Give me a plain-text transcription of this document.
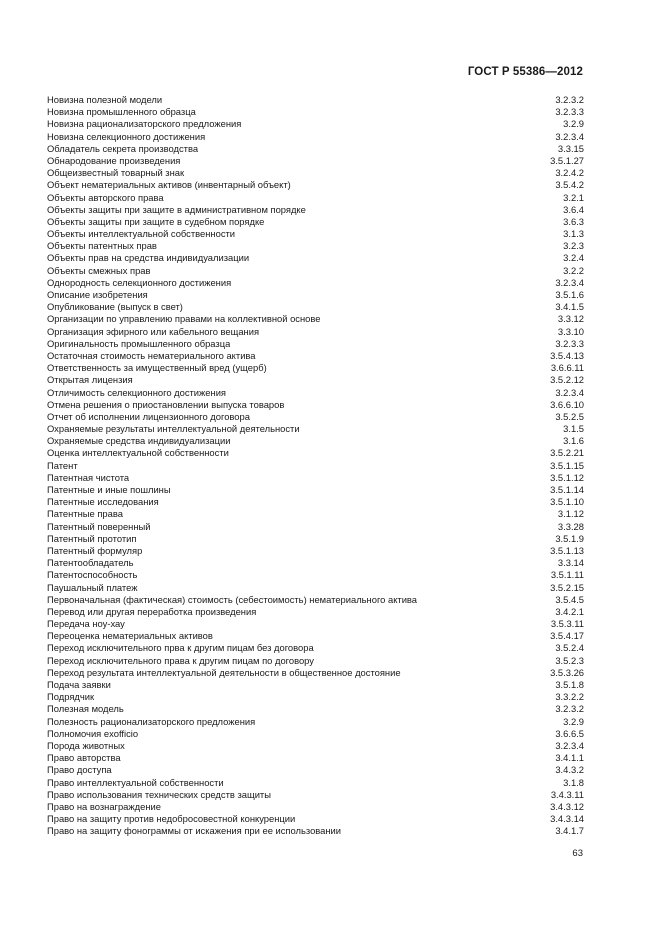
ГОСТ Р 55386—2012
Новизна полезной модели	3.2.3.2
Новизна промышленного образца	3.2.3.3
Новизна рационализаторского предложения	3.2.9
Новизна селекционного достижения	3.2.3.4
Обладатель секрета производства	3.3.15
Обнародование произведения	3.5.1.27
Общеизвестный товарный знак	3.2.4.2
Объект нематериальных активов (инвентарный объект)	3.5.4.2
Объекты авторского права	3.2.1
Объекты защиты при защите в административном порядке	3.6.4
Объекты защиты при защите в судебном порядке	3.6.3
Объекты интеллектуальной собственности	3.1.3
Объекты патентных прав	3.2.3
Объекты прав на средства индивидуализации	3.2.4
Объекты смежных прав	3.2.2
Однородность селекционного достижения	3.2.3.4
Описание изобретения	3.5.1.6
Опубликование (выпуск в свет)	3.4.1.5
Организации по управлению правами на коллективной основе	3.3.12
Организация эфирного или кабельного вещания	3.3.10
Оригинальность промышленного образца	3.2.3.3
Остаточная стоимость нематериального актива	3.5.4.13
Ответственность за имущественный вред (ущерб)	3.6.6.11
Открытая лицензия	3.5.2.12
Отличимость селекционного достижения	3.2.3.4
Отмена решения о приостановлении выпуска товаров	3.6.6.10
Отчет об исполнении лицензионного договора	3.5.2.5
Охраняемые результаты интеллектуальной деятельности	3.1.5
Охраняемые средства индивидуализации	3.1.6
Оценка интеллектуальной собственности	3.5.2.21
Патент	3.5.1.15
Патентная чистота	3.5.1.12
Патентные и иные пошлины	3.5.1.14
Патентные исследования	3.5.1.10
Патентные права	3.1.12
Патентный поверенный	3.3.28
Патентный прототип	3.5.1.9
Патентный формуляр	3.5.1.13
Патентообладатель	3.3.14
Патентоспособность	3.5.1.11
Паушальный платеж	3.5.2.15
Первоначальная (фактическая) стоимость (себестоимость) нематериального актива	3.5.4.5
Перевод или другая переработка произведения	3.4.2.1
Передача ноу-хау	3.5.3.11
Переоценка нематериальных активов	3.5.4.17
Переход исключительного прва к другим пицам без договора	3.5.2.4
Переход исключительного права к другим пицам по договору	3.5.2.3
Переход результата интеллектуальной деятельности в общественное достояние	3.5.3.26
Подача заявки	3.5.1.8
Подрядчик	3.3.2.2
Полезная модель	3.2.3.2
Полезность рационализаторского предложения	3.2.9
Полномочия exofficio	3.6.6.5
Порода животных	3.2.3.4
Право авторства	3.4.1.1
Право доступа	3.4.3.2
Право интеллектуальной собственности	3.1.8
Право использования технических средств защиты	3.4.3.11
Право на вознаграждение	3.4.3.12
Право на защиту против недобросовестной конкуренции	3.4.3.14
Право на защиту фонограммы от искажения при ее использовании	3.4.1.7
63
